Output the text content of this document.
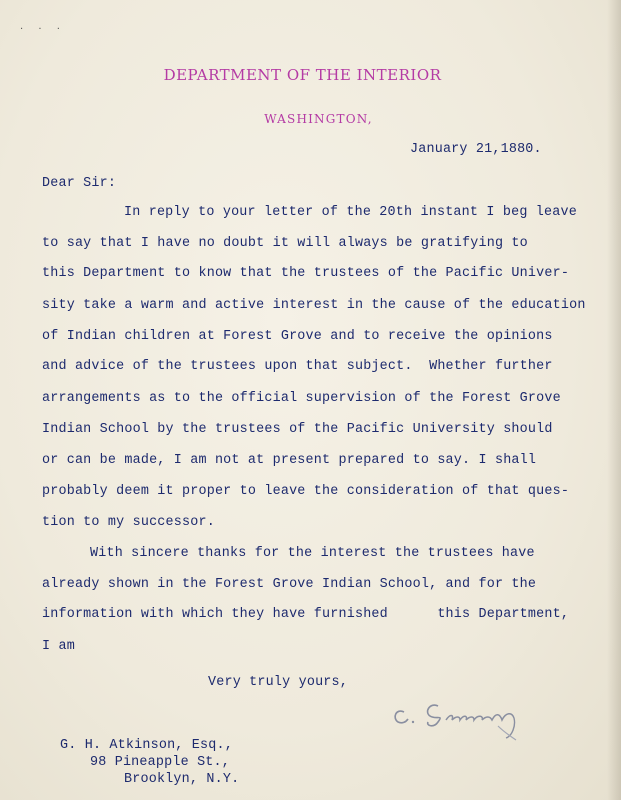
· · ·
DEPARTMENT OF THE INTERIOR
WASHINGTON,
January 21,1880.
Dear Sir:
In reply to your letter of the 20th instant I beg leave
to say that I have no doubt it will always be gratifying to
this Department to know that the trustees of the Pacific Univer-
sity take a warm and active interest in the cause of the education
of Indian children at Forest Grove and to receive the opinions
and advice of the trustees upon that subject.  Whether further
arrangements as to the official supervision of the Forest Grove
Indian School by the trustees of the Pacific University should
or can be made, I am not at present prepared to say. I shall
probably deem it proper to leave the consideration of that ques-
tion to my successor.
With sincere thanks for the interest the trustees have
already shown in the Forest Grove Indian School, and for the
information with which they have furnished      this Department,
I am
Very truly yours,
G. H. Atkinson, Esq.,
98 Pineapple St.,
Brooklyn, N.Y.
